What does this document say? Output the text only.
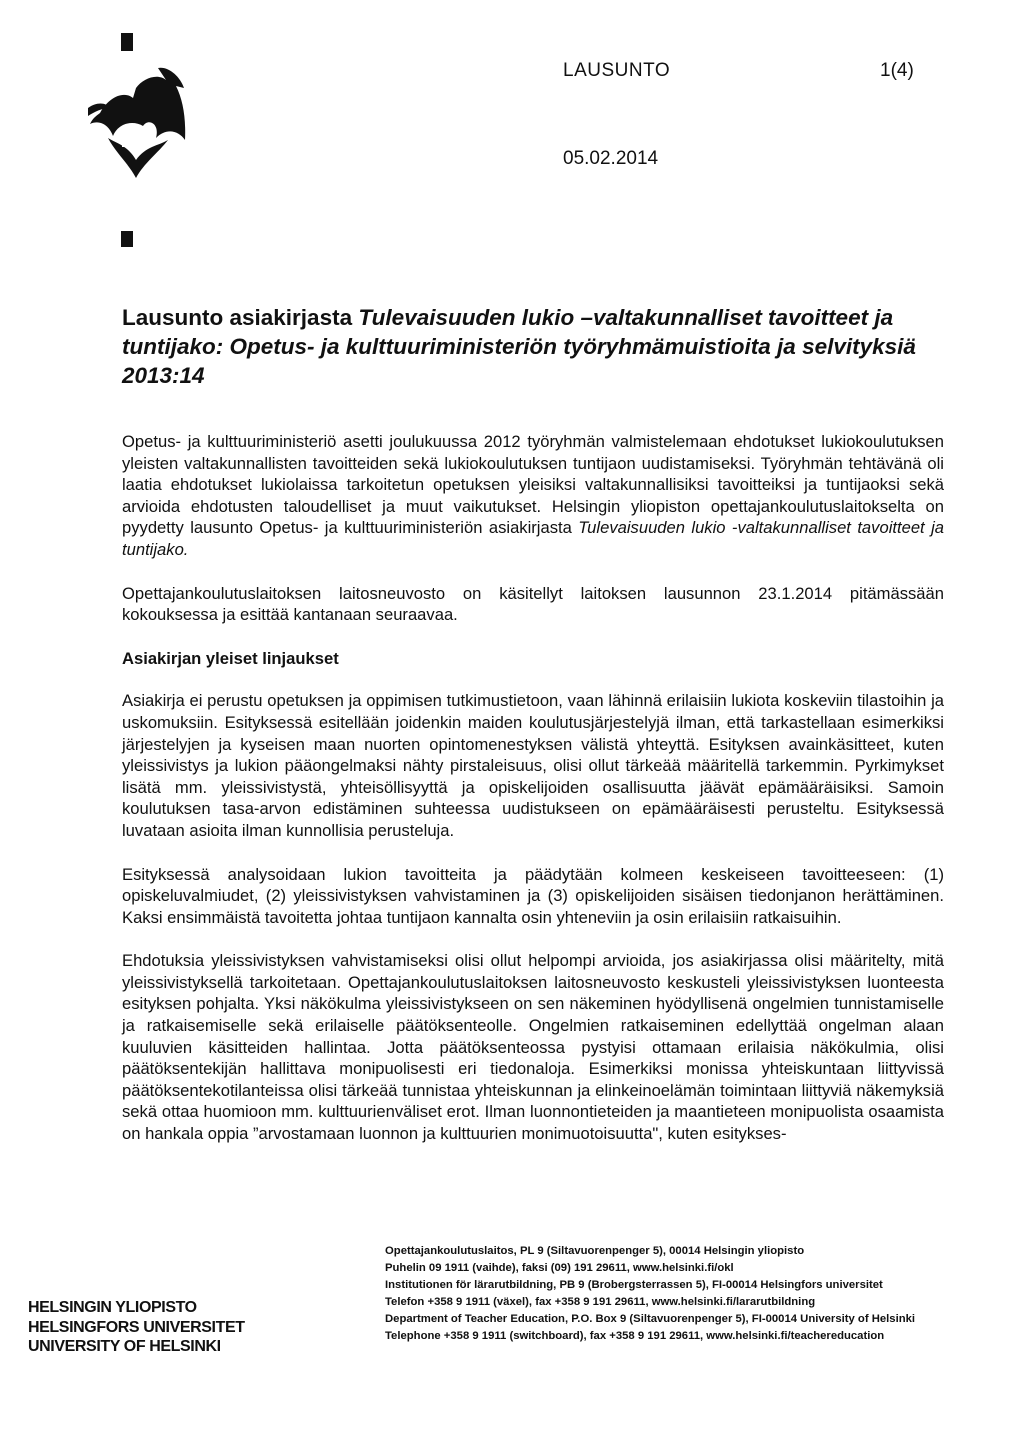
LAUSUNTO	1(4)
05.02.2014
Lausunto asiakirjasta Tulevaisuuden lukio –valtakunnalliset tavoitteet ja tuntijako: Opetus- ja kulttuuriministeriön työryhmämuistioita ja selvityksiä 2013:14

Opetus- ja kulttuuriministeriö asetti joulukuussa 2012 työryhmän valmistelemaan ehdotukset lukiokoulutuksen yleisten valtakunnallisten tavoitteiden sekä lukiokoulutuksen tuntijaon uudistamiseksi. Työryhmän tehtävänä oli laatia ehdotukset lukiolaissa tarkoitetun opetuksen yleisiksi valtakunnallisiksi tavoitteiksi ja tuntijaoksi sekä arvioida ehdotusten taloudelliset ja muut vaikutukset. Helsingin yliopiston opettajankoulutuslaitokselta on pyydetty lausunto Opetus- ja kulttuuriministeriön asiakirjasta Tulevaisuuden lukio -valtakunnalliset tavoitteet ja tuntijako.

Opettajankoulutuslaitoksen laitosneuvosto on käsitellyt laitoksen lausunnon 23.1.2014 pitämässään kokouksessa ja esittää kantanaan seuraavaa.

Asiakirjan yleiset linjaukset

Asiakirja ei perustu opetuksen ja oppimisen tutkimustietoon, vaan lähinnä erilaisiin lukiota koskeviin tilastoihin ja uskomuksiin. Esityksessä esitellään joidenkin maiden koulutusjärjestelyjä ilman, että tarkastellaan esimerkiksi järjestelyjen ja kyseisen maan nuorten opintomenestyksen välistä yhteyttä. Esityksen avainkäsitteet, kuten yleissivistys ja lukion pääongelmaksi nähty pirstaleisuus, olisi ollut tärkeää määritellä tarkemmin. Pyrkimykset lisätä mm. yleissivistystä, yhteisöllisyyttä ja opiskelijoiden osallisuutta jäävät epämääräisiksi. Samoin koulutuksen tasa-arvon edistäminen suhteessa uudistukseen on epämääräisesti perusteltu. Esityksessä luvataan asioita ilman kunnollisia perusteluja.

Esityksessä analysoidaan lukion tavoitteita ja päädytään kolmeen keskeiseen tavoitteeseen: (1) opiskeluvalmiudet, (2) yleissivistyksen vahvistaminen ja (3) opiskelijoiden sisäisen tiedonjanon herättäminen. Kaksi ensimmäistä tavoitetta johtaa tuntijaon kannalta osin yhteneviin ja osin erilaisiin ratkaisuihin.

Ehdotuksia yleissivistyksen vahvistamiseksi olisi ollut helpompi arvioida, jos asiakirjassa olisi määritelty, mitä yleissivistyksellä tarkoitetaan. Opettajankoulutuslaitoksen laitosneuvosto keskusteli yleissivistyksen luonteesta esityksen pohjalta. Yksi näkökulma yleissivistykseen on sen näkeminen hyödyllisenä ongelmien tunnistamiselle ja ratkaisemiselle sekä erilaiselle päätöksenteolle. Ongelmien ratkaiseminen edellyttää ongelman alaan kuuluvien käsitteiden hallintaa. Jotta päätöksenteossa pystyisi ottamaan erilaisia näkökulmia, olisi päätöksentekijän hallittava monipuolisesti eri tiedonaloja. Esimerkiksi monissa yhteiskuntaan liittyvissä päätöksentekotilanteissa olisi tärkeää tunnistaa yhteiskunnan ja elinkeinoelämän toimintaan liittyviä näkemyksiä sekä ottaa huomioon mm. kulttuurienväliset erot. Ilman luonnontieteiden ja maantieteen monipuolista osaamista on hankala oppia ”arvostamaan luonnon ja kulttuurien monimuotoisuutta", kuten esitykses-

HELSINGIN YLIOPISTO
HELSINGFORS UNIVERSITET
UNIVERSITY OF HELSINKI
Opettajankoulutuslaitos, PL 9 (Siltavuorenpenger 5), 00014 Helsingin yliopisto
Puhelin 09 1911 (vaihde), faksi (09) 191 29611, www.helsinki.fi/okl
Institutionen för lärarutbildning, PB 9 (Brobergsterrassen 5), FI-00014 Helsingfors universitet
Telefon +358 9 1911 (växel), fax +358 9 191 29611, www.helsinki.fi/lararutbildning
Department of Teacher Education, P.O. Box 9 (Siltavuorenpenger 5), FI-00014 University of Helsinki
Telephone +358 9 1911 (switchboard), fax +358 9 191 29611, www.helsinki.fi/teachereducation
